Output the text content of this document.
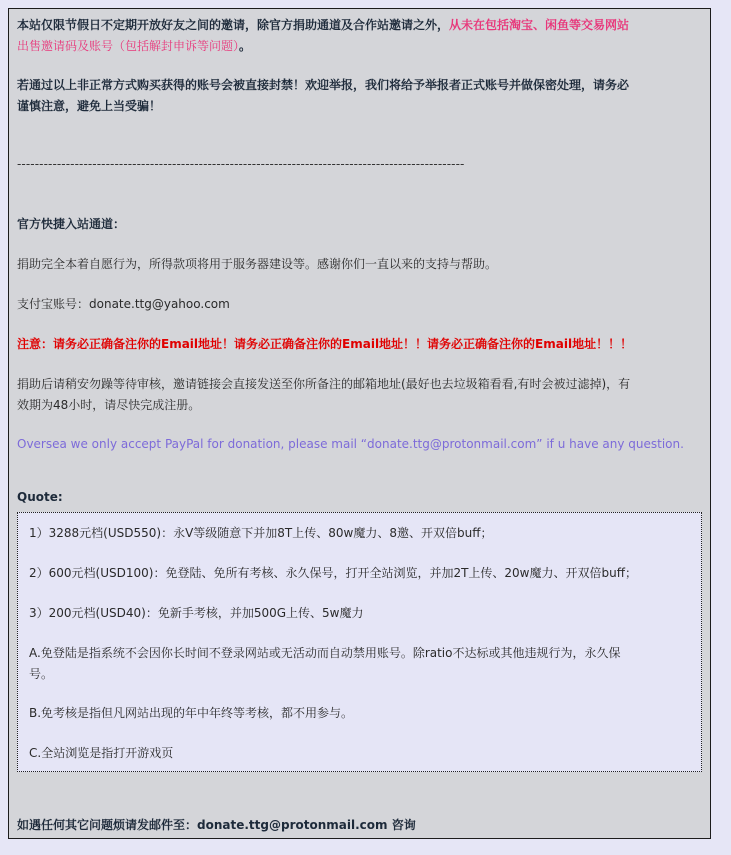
本站仅限节假日不定期开放好友之间的邀请，除官方捐助通道及合作站邀请之外，从未在包括淘宝、闲鱼等交易网站
出售邀请码及账号（包括解封申诉等问题）。
若通过以上非正常方式购买获得的账号会被直接封禁！欢迎举报，我们将给予举报者正式账号并做保密处理，请务必
谨慎注意，避免上当受骗！
-----------------------------------------------------------------------------------------------------
官方快捷入站通道：
捐助完全本着自愿行为，所得款项将用于服务器建设等。感谢你们一直以来的支持与帮助。
支付宝账号：donate.ttg@yahoo.com
注意：请务必正确备注你的Email地址！请务必正确备注你的Email地址！！请务必正确备注你的Email地址！！！
捐助后请稍安勿躁等待审核，邀请链接会直接发送至你所备注的邮箱地址(最好也去垃圾箱看看,有时会被过滤掉)，有
效期为48小时，请尽快完成注册。
Oversea we only accept PayPal for donation, please mail “donate.ttg@protonmail.com” if u have any question.
Quote:
1）3288元档(USD550)：永V等级随意下并加8T上传、80w魔力、8邀、开双倍buff；
2）600元档(USD100)：免登陆、免所有考核、永久保号，打开全站浏览，并加2T上传、20w魔力、开双倍buff；
3）200元档(USD40)：免新手考核，并加500G上传、5w魔力
A.免登陆是指系统不会因你长时间不登录网站或无活动而自动禁用账号。除ratio不达标或其他违规行为，永久保
号。
B.免考核是指但凡网站出现的年中年终等考核，都不用参与。
C.全站浏览是指打开游戏页
如遇任何其它问题烦请发邮件至：donate.ttg@protonmail.com 咨询
